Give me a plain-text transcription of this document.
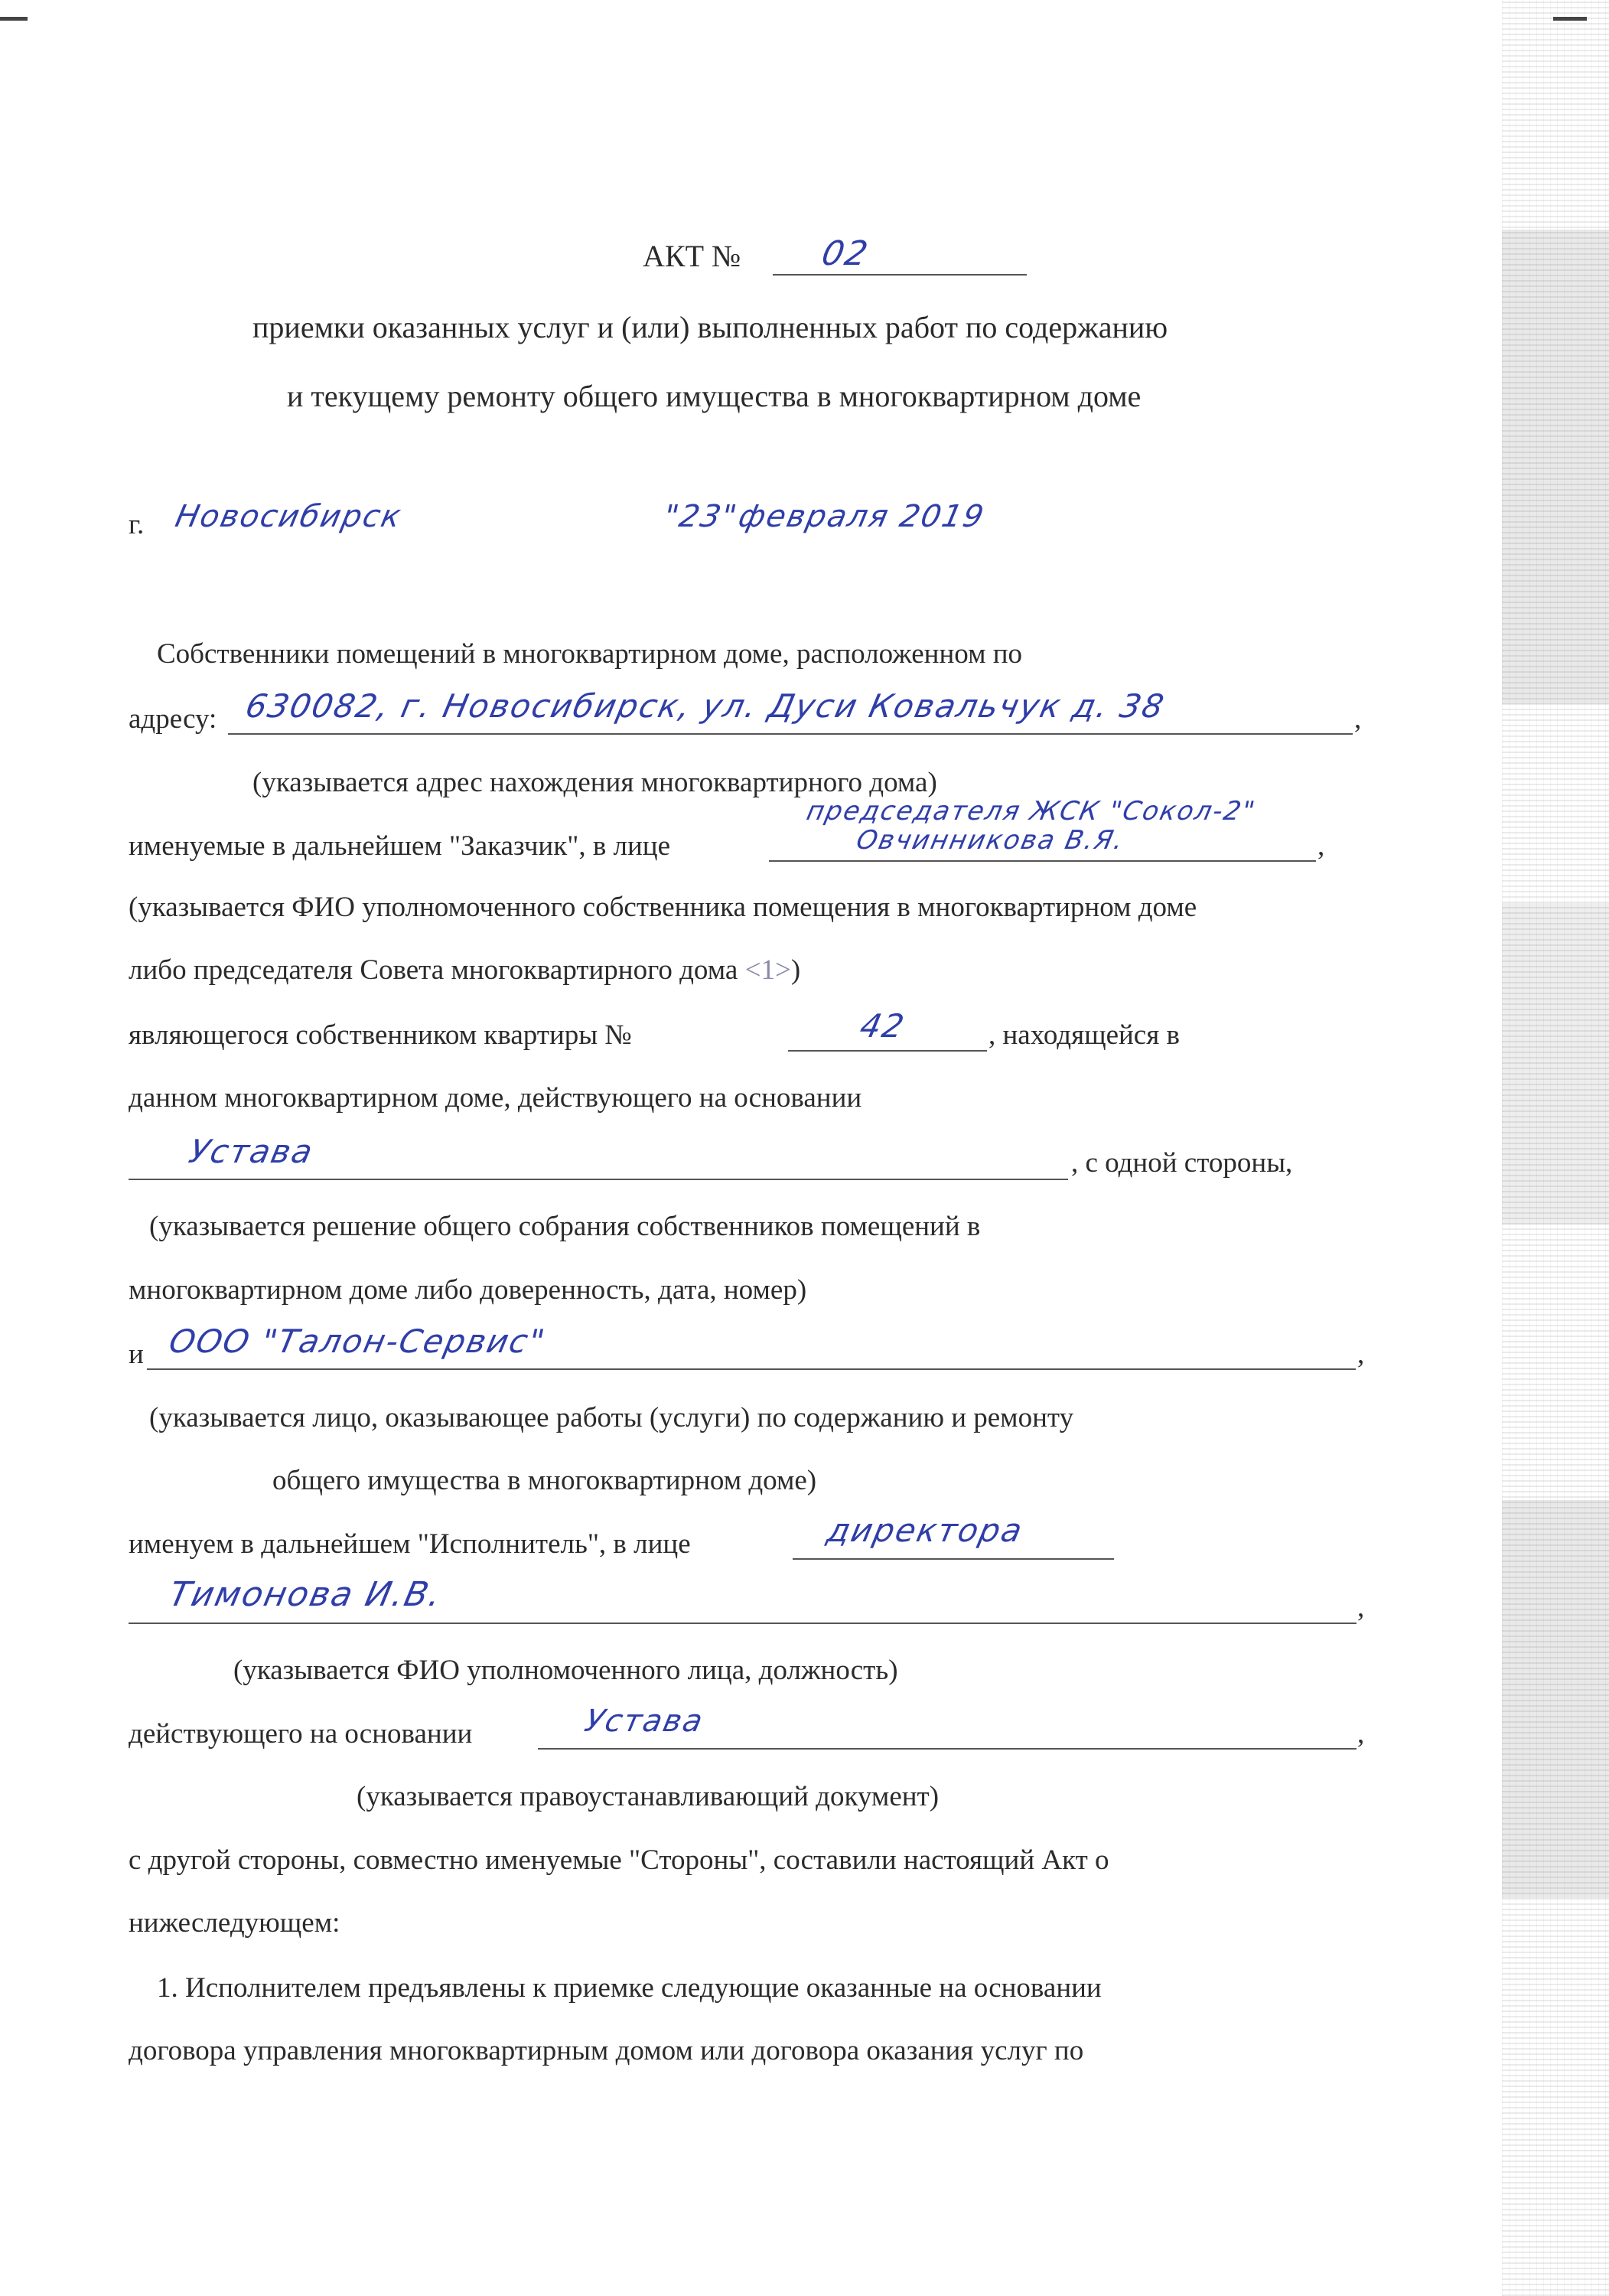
АКТ № 02
приемки оказанных услуг и (или) выполненных работ по содержанию
и текущему ремонту общего имущества в многоквартирном доме
г. Новосибирск	"23"
февраля 2019
Собственники помещений в многоквартирном доме, расположенном по
адресу: 630082, г. Новосибирск, ул. Дуси Ковальчук д. 38	,
(указывается адрес нахождения многоквартирного дома)
именуемые в дальнейшем "Заказчик", в лице
председателя ЖСК "Сокол-2"
Овчинникова В.Я.	,
(указывается ФИО уполномоченного собственника помещения в многоквартирном доме
либо председателя Совета многоквартирного дома <1>)
являющегося собственником квартиры №	42	, находящейся в
данном многоквартирном доме, действующего на основании
Устава	, с одной стороны,
(указывается решение общего собрания собственников помещений в
многоквартирном доме либо доверенность, дата, номер)
и ООО "Талон-Сервис"	,
(указывается лицо, оказывающее работы (услуги) по содержанию и ремонту
общего имущества в многоквартирном доме)
именуем в дальнейшем "Исполнитель", в лице	директора
Тимонова И.В.	,
(указывается ФИО уполномоченного лица, должность)
действующего на основании	Устава	,
(указывается правоустанавливающий документ)
с другой стороны, совместно именуемые "Стороны", составили настоящий Акт о
нижеследующем:
1. Исполнителем предъявлены к приемке следующие оказанные на основании
договора управления многоквартирным домом или договора оказания услуг по
